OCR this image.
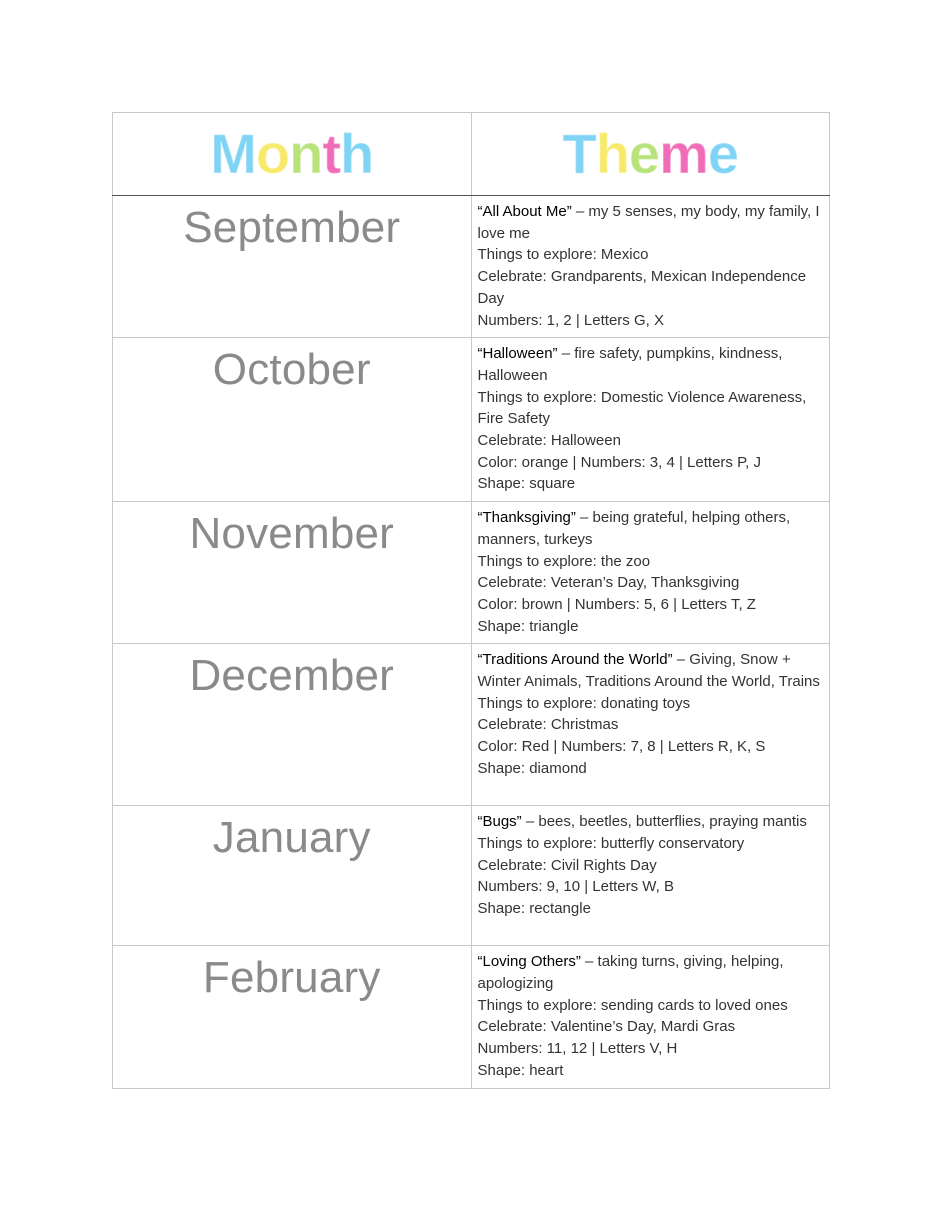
Month	Theme
September	“All About Me” – my 5 senses, my body, my family, I love me
Things to explore: Mexico
Celebrate: Grandparents, Mexican Independence Day
Numbers: 1, 2 | Letters G, X

October	“Halloween” – fire safety, pumpkins, kindness, Halloween
Things to explore: Domestic Violence Awareness, Fire Safety
Celebrate: Halloween
Color: orange | Numbers: 3, 4 | Letters P, J
Shape: square

November	“Thanksgiving” – being grateful, helping others, manners, turkeys
Things to explore: the zoo
Celebrate: Veteran’s Day, Thanksgiving
Color: brown | Numbers: 5, 6 | Letters T, Z
Shape: triangle

December	“Traditions Around the World” – Giving, Snow + Winter Animals, Traditions Around the World, Trains
Things to explore: donating toys
Celebrate: Christmas
Color: Red | Numbers: 7, 8 | Letters R, K, S
Shape: diamond

January	“Bugs” – bees, beetles, butterflies, praying mantis
Things to explore: butterfly conservatory
Celebrate: Civil Rights Day
Numbers: 9, 10 | Letters W, B
Shape: rectangle

February	“Loving Others” – taking turns, giving, helping, apologizing
Things to explore: sending cards to loved ones
Celebrate: Valentine’s Day, Mardi Gras
Numbers: 11, 12 | Letters V, H
Shape: heart
